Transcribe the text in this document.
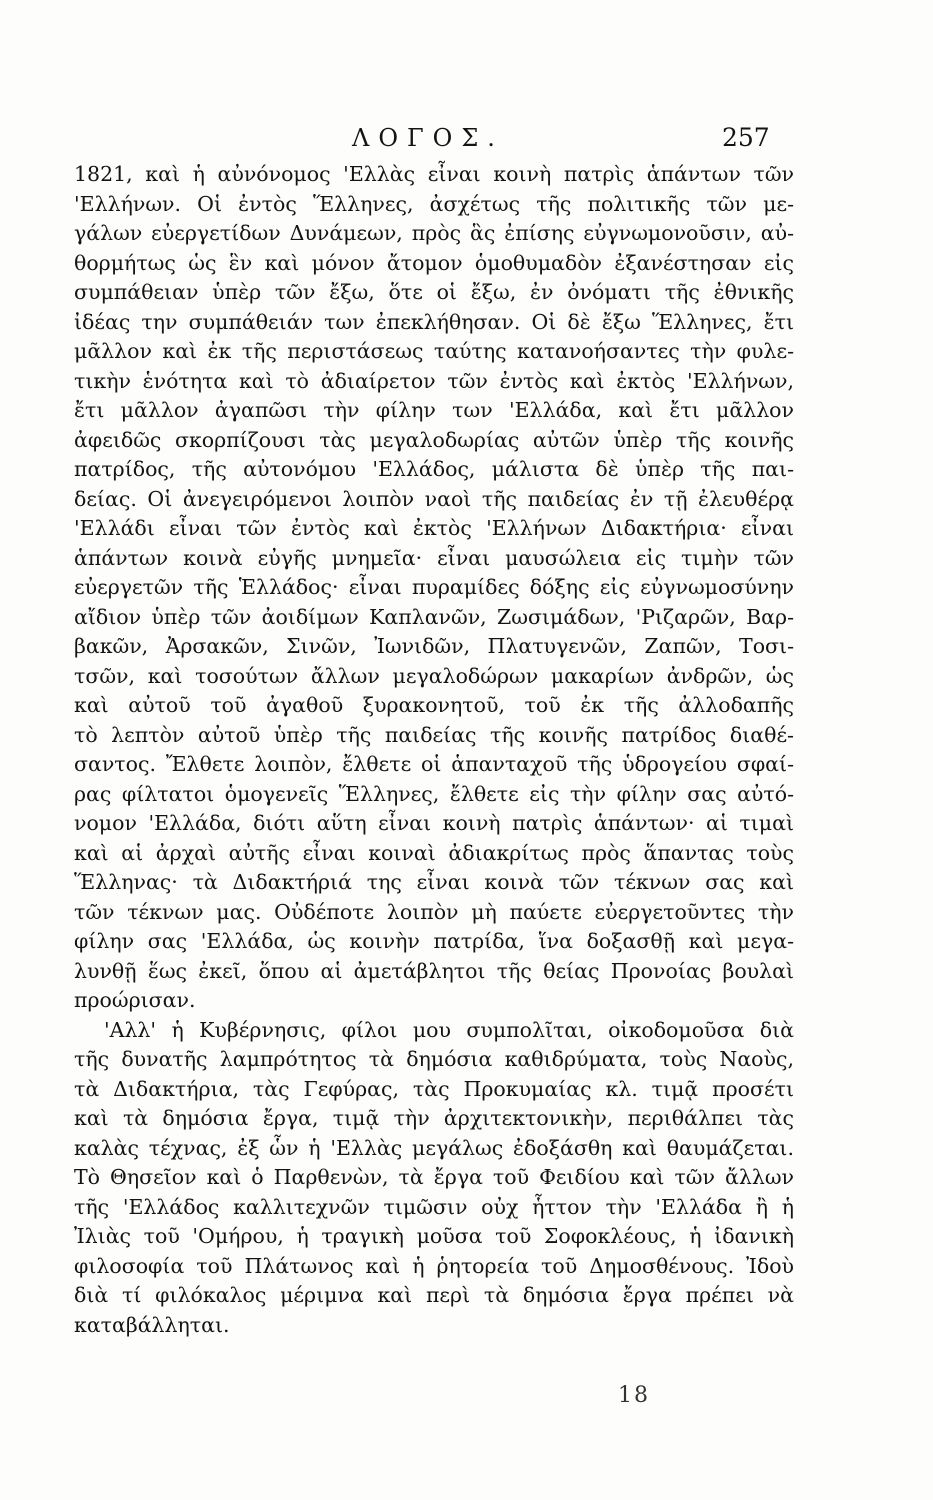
ΛΟΓΟΣ.	257
1821, καὶ ἡ αὐνόνομος 'Ελλὰς εἶναι κοινὴ πατρὶς ἁπάντων τῶν
'Ελλήνων. Οἱ ἐντὸς Ἕλληνες, ἀσχέτως τῆς πολιτικῆς τῶν με-
γάλων εὐεργετίδων Δυνάμεων, πρὸς ἃς ἐπίσης εὐγνωμονοῦσιν, αὐ-
θορμήτως ὡς ἓν καὶ μόνον ἄτομον ὁμοθυμαδὸν ἐξανέστησαν εἰς
συμπάθειαν ὑπὲρ τῶν ἔξω, ὅτε οἱ ἔξω, ἐν ὀνόματι τῆς ἐθνικῆς
ἰδέας την συμπάθειάν των ἐπεκλήθησαν. Οἱ δὲ ἔξω Ἕλληνες, ἔτι
μᾶλλον καὶ ἐκ τῆς περιστάσεως ταύτης κατανοήσαντες τὴν φυλε-
τικὴν ἑνότητα καὶ τὸ ἀδιαίρετον τῶν ἐντὸς καὶ ἐκτὸς 'Ελλήνων,
ἔτι μᾶλλον ἀγαπῶσι τὴν φίλην των 'Ελλάδα, καὶ ἔτι μᾶλλον
ἀφειδῶς σκορπίζουσι τὰς μεγαλοδωρίας αὐτῶν ὑπὲρ τῆς κοινῆς
πατρίδος, τῆς αὐτονόμου 'Ελλάδος, μάλιστα δὲ ὑπὲρ τῆς παι-
δείας. Οἱ ἀνεγειρόμενοι λοιπὸν ναοὶ τῆς παιδείας ἐν τῇ ἐλευθέρᾳ
'Ελλάδι εἶναι τῶν ἐντὸς καὶ ἐκτὸς 'Ελλήνων Διδακτήρια· εἶναι
ἁπάντων κοινὰ εὐγῆς μνημεῖα· εἶναι μαυσώλεια εἰς τιμὴν τῶν
εὐεργετῶν τῆς Ἑλλάδος· εἶναι πυραμίδες δόξης εἰς εὐγνωμοσύνην
αἴδιον ὑπὲρ τῶν ἀοιδίμων Καπλανῶν, Ζωσιμάδων, 'Ριζαρῶν, Βαρ-
βακῶν, Ἀρσακῶν, Σινῶν, Ἰωνιδῶν, Πλατυγενῶν, Ζαπῶν, Τοσι-
τσῶν, καὶ τοσούτων ἄλλων μεγαλοδώρων μακαρίων ἀνδρῶν, ὡς
καὶ αὐτοῦ τοῦ ἀγαθοῦ ξυρακονητοῦ, τοῦ ἐκ τῆς ἀλλοδαπῆς
τὸ λεπτὸν αὐτοῦ ὑπὲρ τῆς παιδείας τῆς κοινῆς πατρίδος διαθέ-
σαντος. Ἔλθετε λοιπὸν, ἔλθετε οἱ ἁπανταχοῦ τῆς ὑδρογείου σφαί-
ρας φίλτατοι ὁμογενεῖς Ἕλληνες, ἔλθετε εἰς τὴν φίλην σας αὐτό-
νομον 'Ελλάδα, διότι αὕτη εἶναι κοινὴ πατρὶς ἁπάντων· αἱ τιμαὶ
καὶ αἱ ἀρχαὶ αὐτῆς εἶναι κοιναὶ ἀδιακρίτως πρὸς ἅπαντας τοὺς
Ἕλληνας· τὰ Διδακτήριά της εἶναι κοινὰ τῶν τέκνων σας καὶ
τῶν τέκνων μας. Οὐδέποτε λοιπὸν μὴ παύετε εὐεργετοῦντες τὴν
φίλην σας 'Ελλάδα, ὡς κοινὴν πατρίδα, ἵνα δοξασθῇ καὶ μεγα-
λυνθῇ ἕως ἐκεῖ, ὅπου αἱ ἀμετάβλητοι τῆς θείας Προνοίας βουλαὶ
προώρισαν.
'Αλλ' ἡ Κυβέρνησις, φίλοι μου συμπολῖται, οἰκοδομοῦσα διὰ
τῆς δυνατῆς λαμπρότητος τὰ δημόσια καθιδρύματα, τοὺς Ναοὺς,
τὰ Διδακτήρια, τὰς Γεφύρας, τὰς Προκυμαίας κλ. τιμᾷ προσέτι
καὶ τὰ δημόσια ἔργα, τιμᾷ τὴν ἀρχιτεκτονικὴν, περιθάλπει τὰς
καλὰς τέχνας, ἐξ ὧν ἡ 'Ελλὰς μεγάλως ἐδοξάσθη καὶ θαυμάζεται.
Τὸ Θησεῖον καὶ ὁ Παρθενὼν, τὰ ἔργα τοῦ Φειδίου καὶ τῶν ἄλλων
τῆς 'Ελλάδος καλλιτεχνῶν τιμῶσιν οὐχ ἧττον τὴν 'Ελλάδα ἢ ἡ
Ἰλιὰς τοῦ 'Ομήρου, ἡ τραγικὴ μοῦσα τοῦ Σοφοκλέους, ἡ ἰδανικὴ
φιλοσοφία τοῦ Πλάτωνος καὶ ἡ ῥητορεία τοῦ Δημοσθένους. Ἰδοὺ
διὰ τί φιλόκαλος μέριμνα καὶ περὶ τὰ δημόσια ἔργα πρέπει νὰ
καταβάλληται.
18
